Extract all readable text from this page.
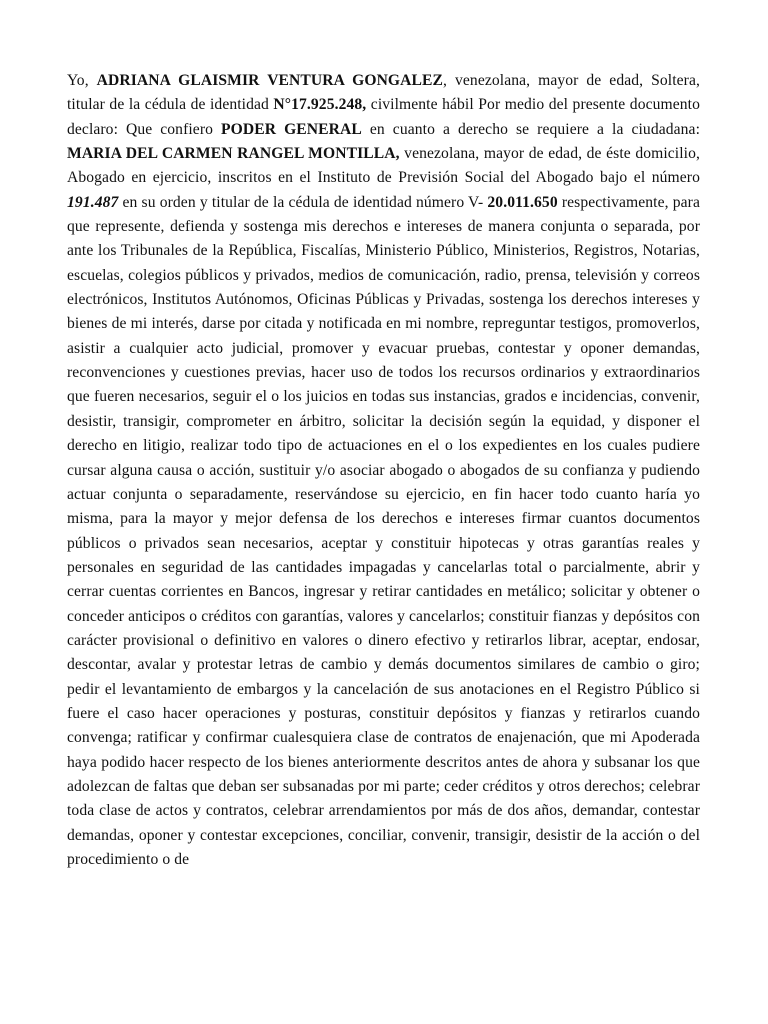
Yo, ADRIANA GLAISMIR VENTURA GONGALEZ, venezolana, mayor de edad, Soltera, titular de la cédula de identidad N°17.925.248, civilmente hábil Por medio del presente documento declaro: Que confiero PODER GENERAL en cuanto a derecho se requiere a la ciudadana: MARIA DEL CARMEN RANGEL MONTILLA, venezolana, mayor de edad, de éste domicilio, Abogado en ejercicio, inscritos en el Instituto de Previsión Social del Abogado bajo el número 191.487 en su orden y titular de la cédula de identidad número V- 20.011.650 respectivamente, para que represente, defienda y sostenga mis derechos e intereses de manera conjunta o separada, por ante los Tribunales de la República, Fiscalías, Ministerio Público, Ministerios, Registros, Notarias, escuelas, colegios públicos y privados, medios de comunicación, radio, prensa, televisión y correos electrónicos, Institutos Autónomos, Oficinas Públicas y Privadas, sostenga los derechos intereses y bienes de mi interés, darse por citada y notificada en mi nombre, repreguntar testigos, promoverlos, asistir a cualquier acto judicial, promover y evacuar pruebas, contestar y oponer demandas, reconvenciones y cuestiones previas, hacer uso de todos los recursos ordinarios y extraordinarios que fueren necesarios, seguir el o los juicios en todas sus instancias, grados e incidencias, convenir, desistir, transigir, comprometer en árbitro, solicitar la decisión según la equidad, y disponer el derecho en litigio, realizar todo tipo de actuaciones en el o los expedientes en los cuales pudiere cursar alguna causa o acción, sustituir y/o asociar abogado o abogados de su confianza y pudiendo actuar conjunta o separadamente, reservándose su ejercicio, en fin hacer todo cuanto haría yo misma, para la mayor y mejor defensa de los derechos e intereses firmar cuantos documentos públicos o privados sean necesarios, aceptar y constituir hipotecas y otras garantías reales y personales en seguridad de las cantidades impagadas y cancelarlas total o parcialmente, abrir y cerrar cuentas corrientes en Bancos, ingresar y retirar cantidades en metálico; solicitar y obtener o conceder anticipos o créditos con garantías, valores y cancelarlos; constituir fianzas y depósitos con carácter provisional o definitivo en valores o dinero efectivo y retirarlos librar, aceptar, endosar, descontar, avalar y protestar letras de cambio y demás documentos similares de cambio o giro; pedir el levantamiento de embargos y la cancelación de sus anotaciones en el Registro Público si fuere el caso hacer operaciones y posturas, constituir depósitos y fianzas y retirarlos cuando convenga; ratificar y confirmar cualesquiera clase de contratos de enajenación, que mi Apoderada haya podido hacer respecto de los bienes anteriormente descritos antes de ahora y subsanar los que adolezcan de faltas que deban ser subsanadas por mi parte; ceder créditos y otros derechos; celebrar toda clase de actos y contratos, celebrar arrendamientos por más de dos años, demandar, contestar demandas, oponer y contestar excepciones, conciliar, convenir, transigir, desistir de la acción o del procedimiento o de
